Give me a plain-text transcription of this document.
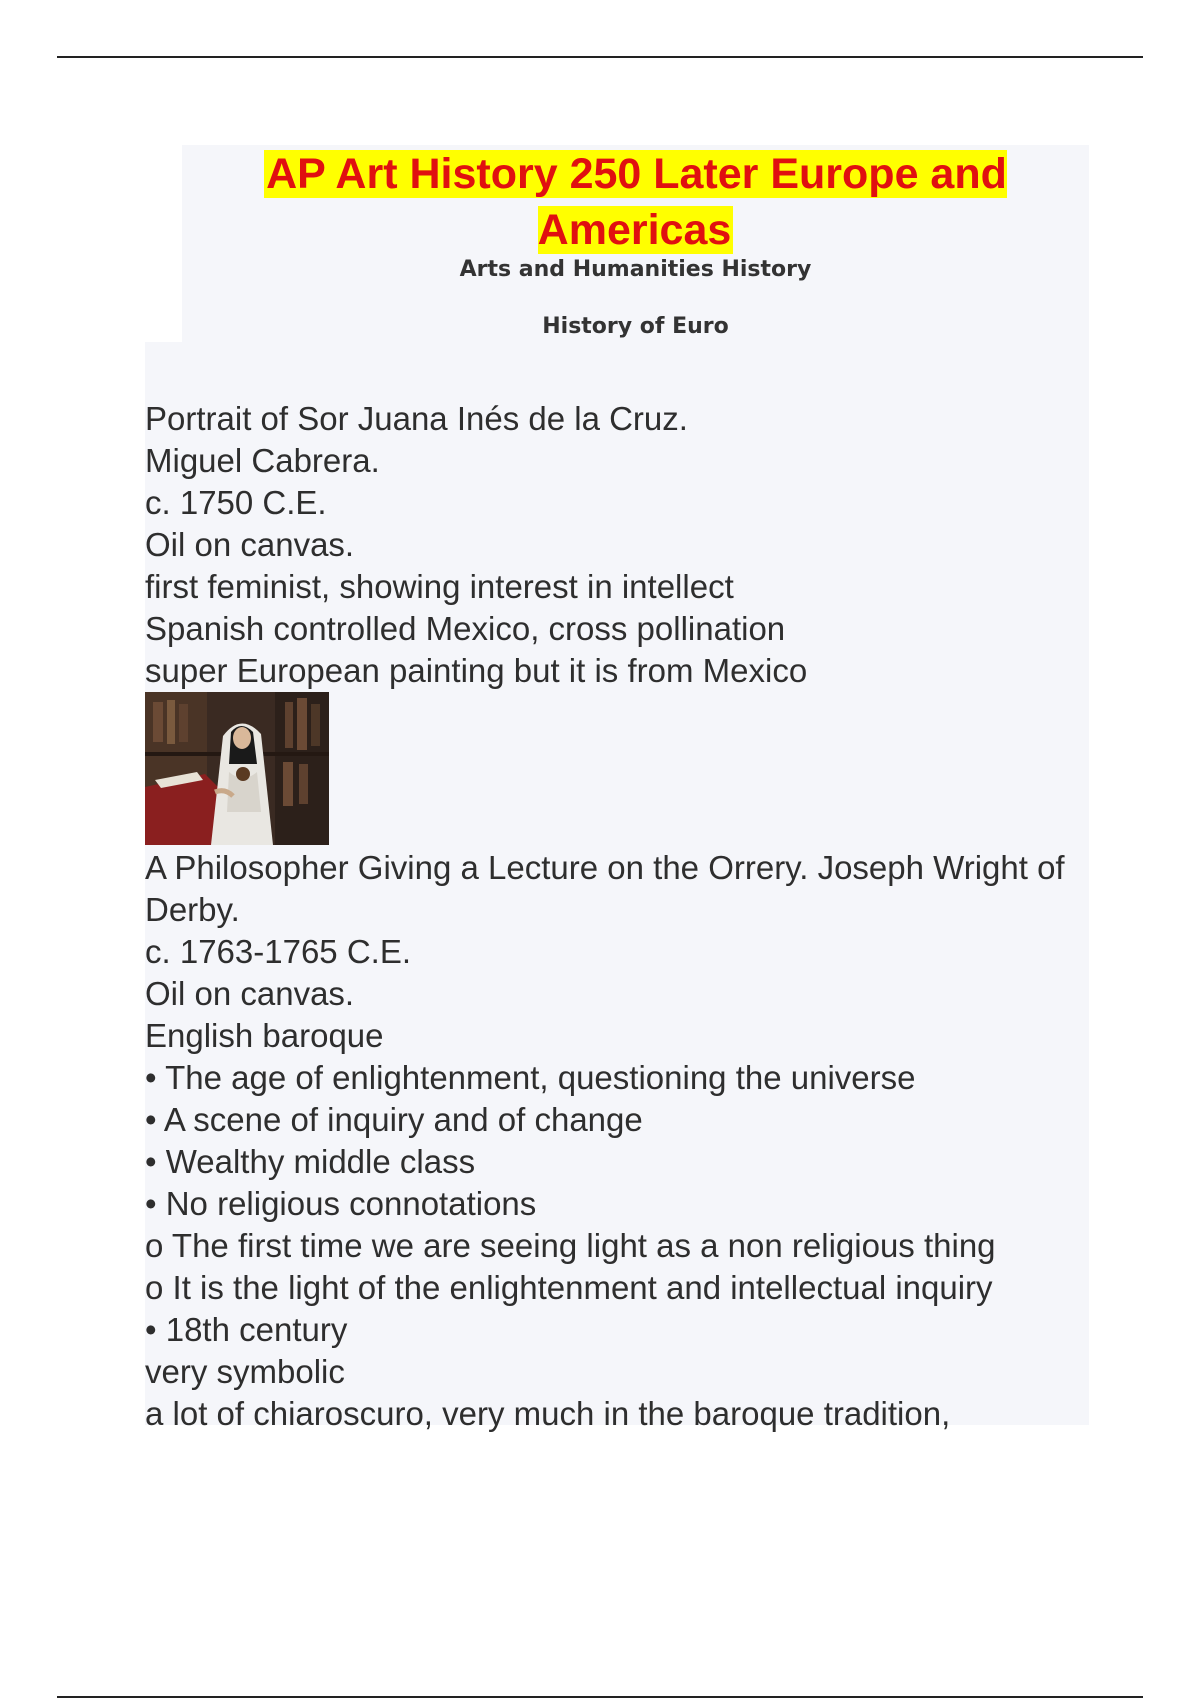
AP Art History 250 Later Europe and Americas

Arts and Humanities History

History of Euro

Portrait of Sor Juana Inés de la Cruz.
Miguel Cabrera.
c. 1750 C.E.
Oil on canvas.
first feminist, showing interest in intellect
Spanish controlled Mexico, cross pollination
super European painting but it is from Mexico
A Philosopher Giving a Lecture on the Orrery. Joseph Wright of Derby.
c. 1763-1765 C.E.
Oil on canvas.
English baroque
• The age of enlightenment, questioning the universe
• A scene of inquiry and of change
• Wealthy middle class
• No religious connotations
o The first time we are seeing light as a non religious thing
o It is the light of the enlightenment and intellectual inquiry
• 18th century
very symbolic
a lot of chiaroscuro, very much in the baroque tradition,
